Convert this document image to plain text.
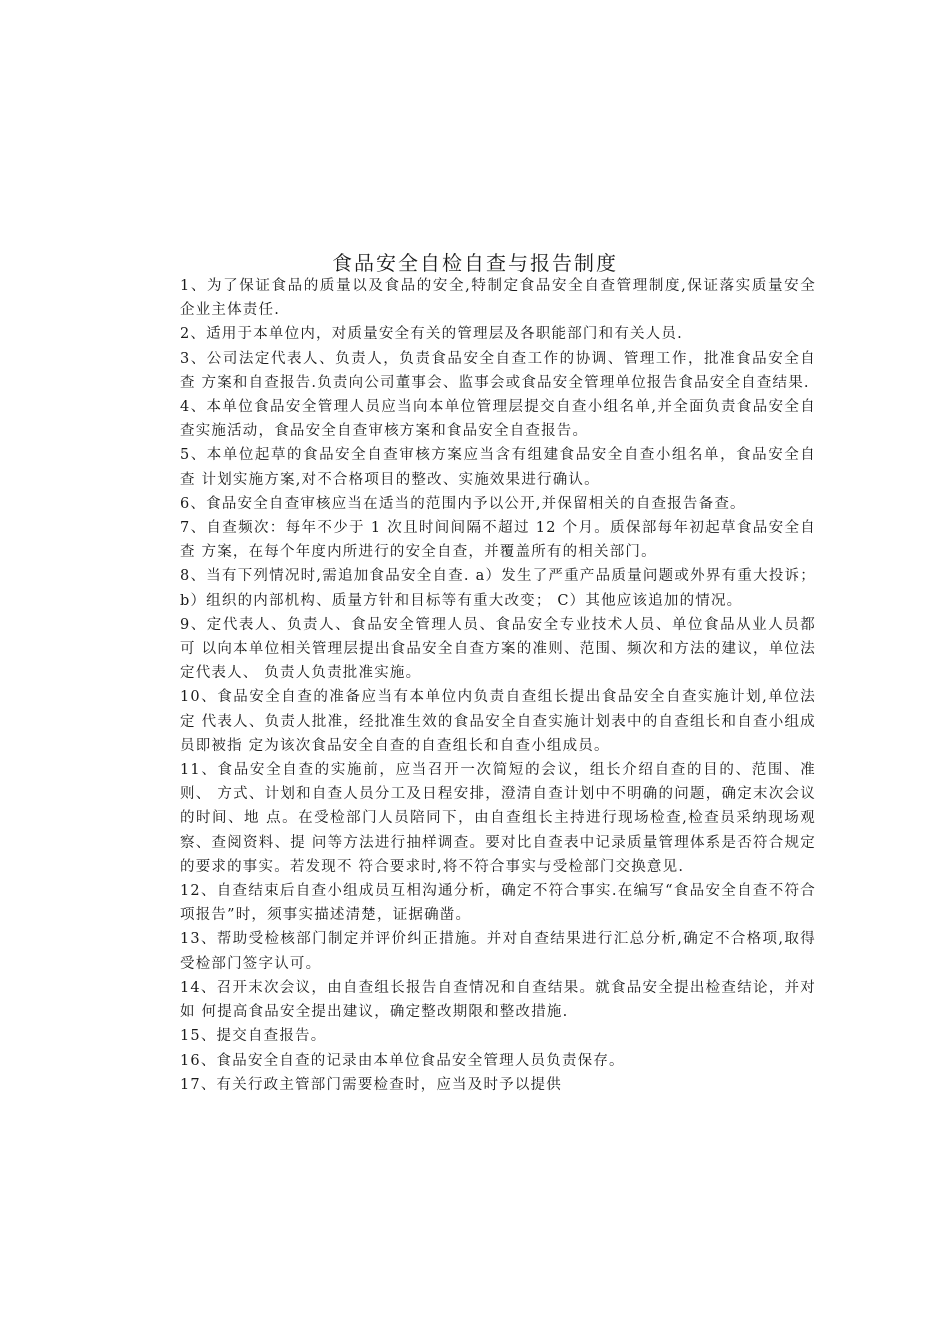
食品安全自检自查与报告制度

1、为了保证食品的质量以及食品的安全,特制定食品安全自查管理制度,保证落实质量安全 企业主体责任.

2、适用于本单位内，对质量安全有关的管理层及各职能部门和有关人员.

3、公司法定代表人、负责人，负责食品安全自查工作的协调、管理工作，批准食品安全自查 方案和自查报告.负责向公司董事会、监事会或食品安全管理单位报告食品安全自查结果.

4、本单位食品安全管理人员应当向本单位管理层提交自查小组名单,并全面负责食品安全自 查实施活动，食品安全自查审核方案和食品安全自查报告。

5、本单位起草的食品安全自查审核方案应当含有组建食品安全自查小组名单，食品安全自查 计划实施方案,对不合格项目的整改、实施效果进行确认。

6、食品安全自查审核应当在适当的范围内予以公开,并保留相关的自查报告备查。

7、自查频次：每年不少于 1 次且时间间隔不超过 12 个月。质保部每年初起草食品安全自查 方案，在每个年度内所进行的安全自查，并覆盖所有的相关部门。

8、当有下列情况时,需追加食品安全自查. a）发生了严重产品质量问题或外界有重大投诉； b）组织的内部机构、质量方针和目标等有重大改变； C）其他应该追加的情况。

9、定代表人、负责人、食品安全管理人员、食品安全专业技术人员、单位食品从业人员都可 以向本单位相关管理层提出食品安全自查方案的准则、范围、频次和方法的建议，单位法定代表人、 负责人负责批准实施。

10、食品安全自查的准备应当有本单位内负责自查组长提出食品安全自查实施计划,单位法定 代表人、负责人批准，经批准生效的食品安全自查实施计划表中的自查组长和自查小组成员即被指 定为该次食品安全自查的自查组长和自查小组成员。

11、食品安全自查的实施前，应当召开一次简短的会议，组长介绍自查的目的、范围、准则、 方式、计划和自查人员分工及日程安排，澄清自查计划中不明确的问题，确定末次会议的时间、地 点。在受检部门人员陪同下，由自查组长主持进行现场检查,检查员采纳现场观察、查阅资料、提 问等方法进行抽样调查。要对比自查表中记录质量管理体系是否符合规定的要求的事实。若发现不 符合要求时,将不符合事实与受检部门交换意见.

12、自查结束后自查小组成员互相沟通分析，确定不符合事实.在编写“食品安全自查不符合 项报告”时，须事实描述清楚，证据确凿。

13、帮助受检核部门制定并评价纠正措施。并对自查结果进行汇总分析,确定不合格项,取得 受检部门签字认可。

14、召开末次会议，由自查组长报告自查情况和自查结果。就食品安全提出检查结论，并对如 何提高食品安全提出建议，确定整改期限和整改措施.

15、提交自查报告。

16、食品安全自查的记录由本单位食品安全管理人员负责保存。

17、有关行政主管部门需要检查时，应当及时予以提供
